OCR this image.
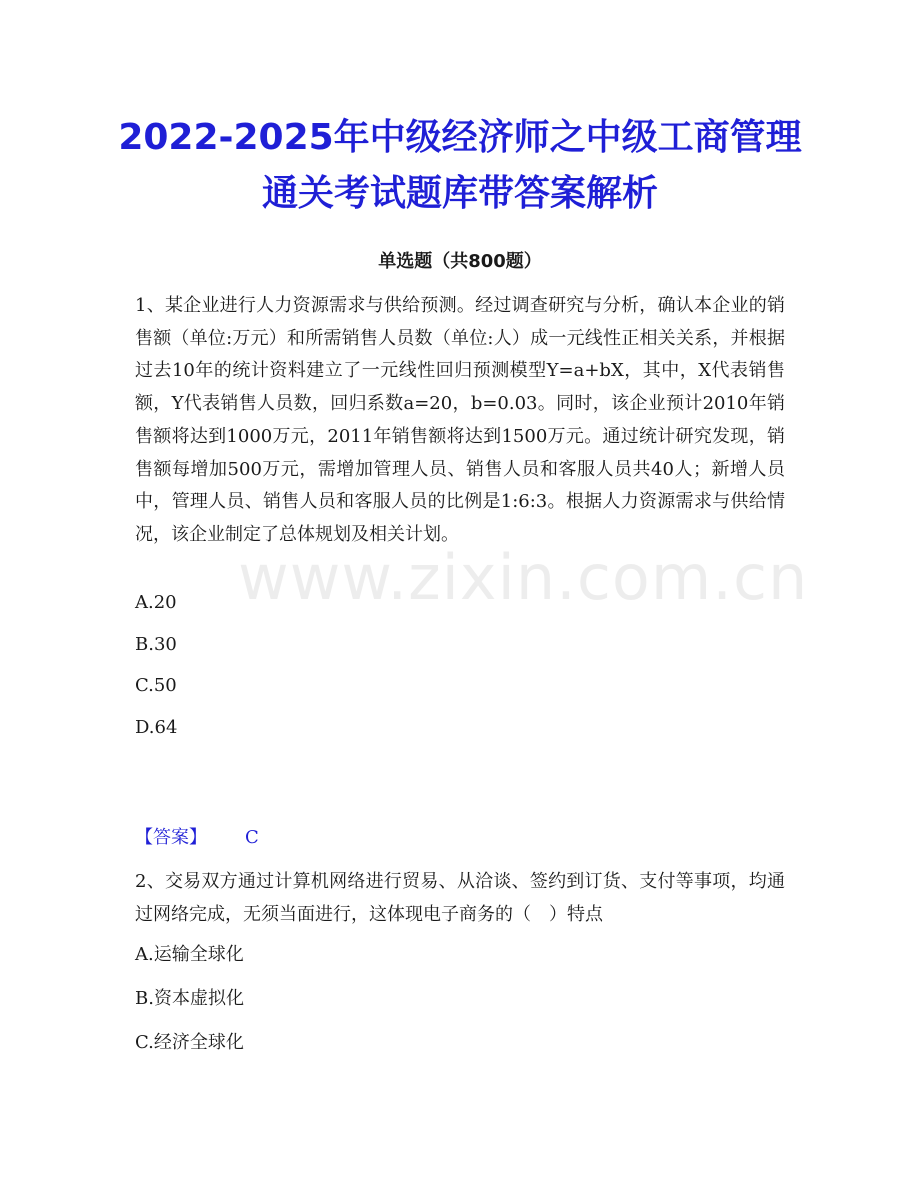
2022-2025年中级经济师之中级工商管理
通关考试题库带答案解析
单选题（共800题）
www.zixin.com.cn

1、某企业进行人力资源需求与供给预测。经过调查研究与分析，确认本企业的销售额（单位:万元）和所需销售人员数（单位:人）成一元线性正相关关系，并根据过去10年的统计资料建立了一元线性回归预测模型Y=a+bX，其中，X代表销售额，Y代表销售人员数，回归系数a=20，b=0.03。同时，该企业预计2010年销售额将达到1000万元，2011年销售额将达到1500万元。通过统计研究发现，销售额每增加500万元，需增加管理人员、销售人员和客服人员共40人；新增人员中，管理人员、销售人员和客服人员的比例是1:6:3。根据人力资源需求与供给情况，该企业制定了总体规划及相关计划。

A.20

B.30

C.50

D.64

【答案】 C

2、交易双方通过计算机网络进行贸易、从洽谈、签约到订货、支付等事项，均通过网络完成，无须当面进行，这体现电子商务的（　）特点

A.运输全球化

B.资本虚拟化

C.经济全球化
